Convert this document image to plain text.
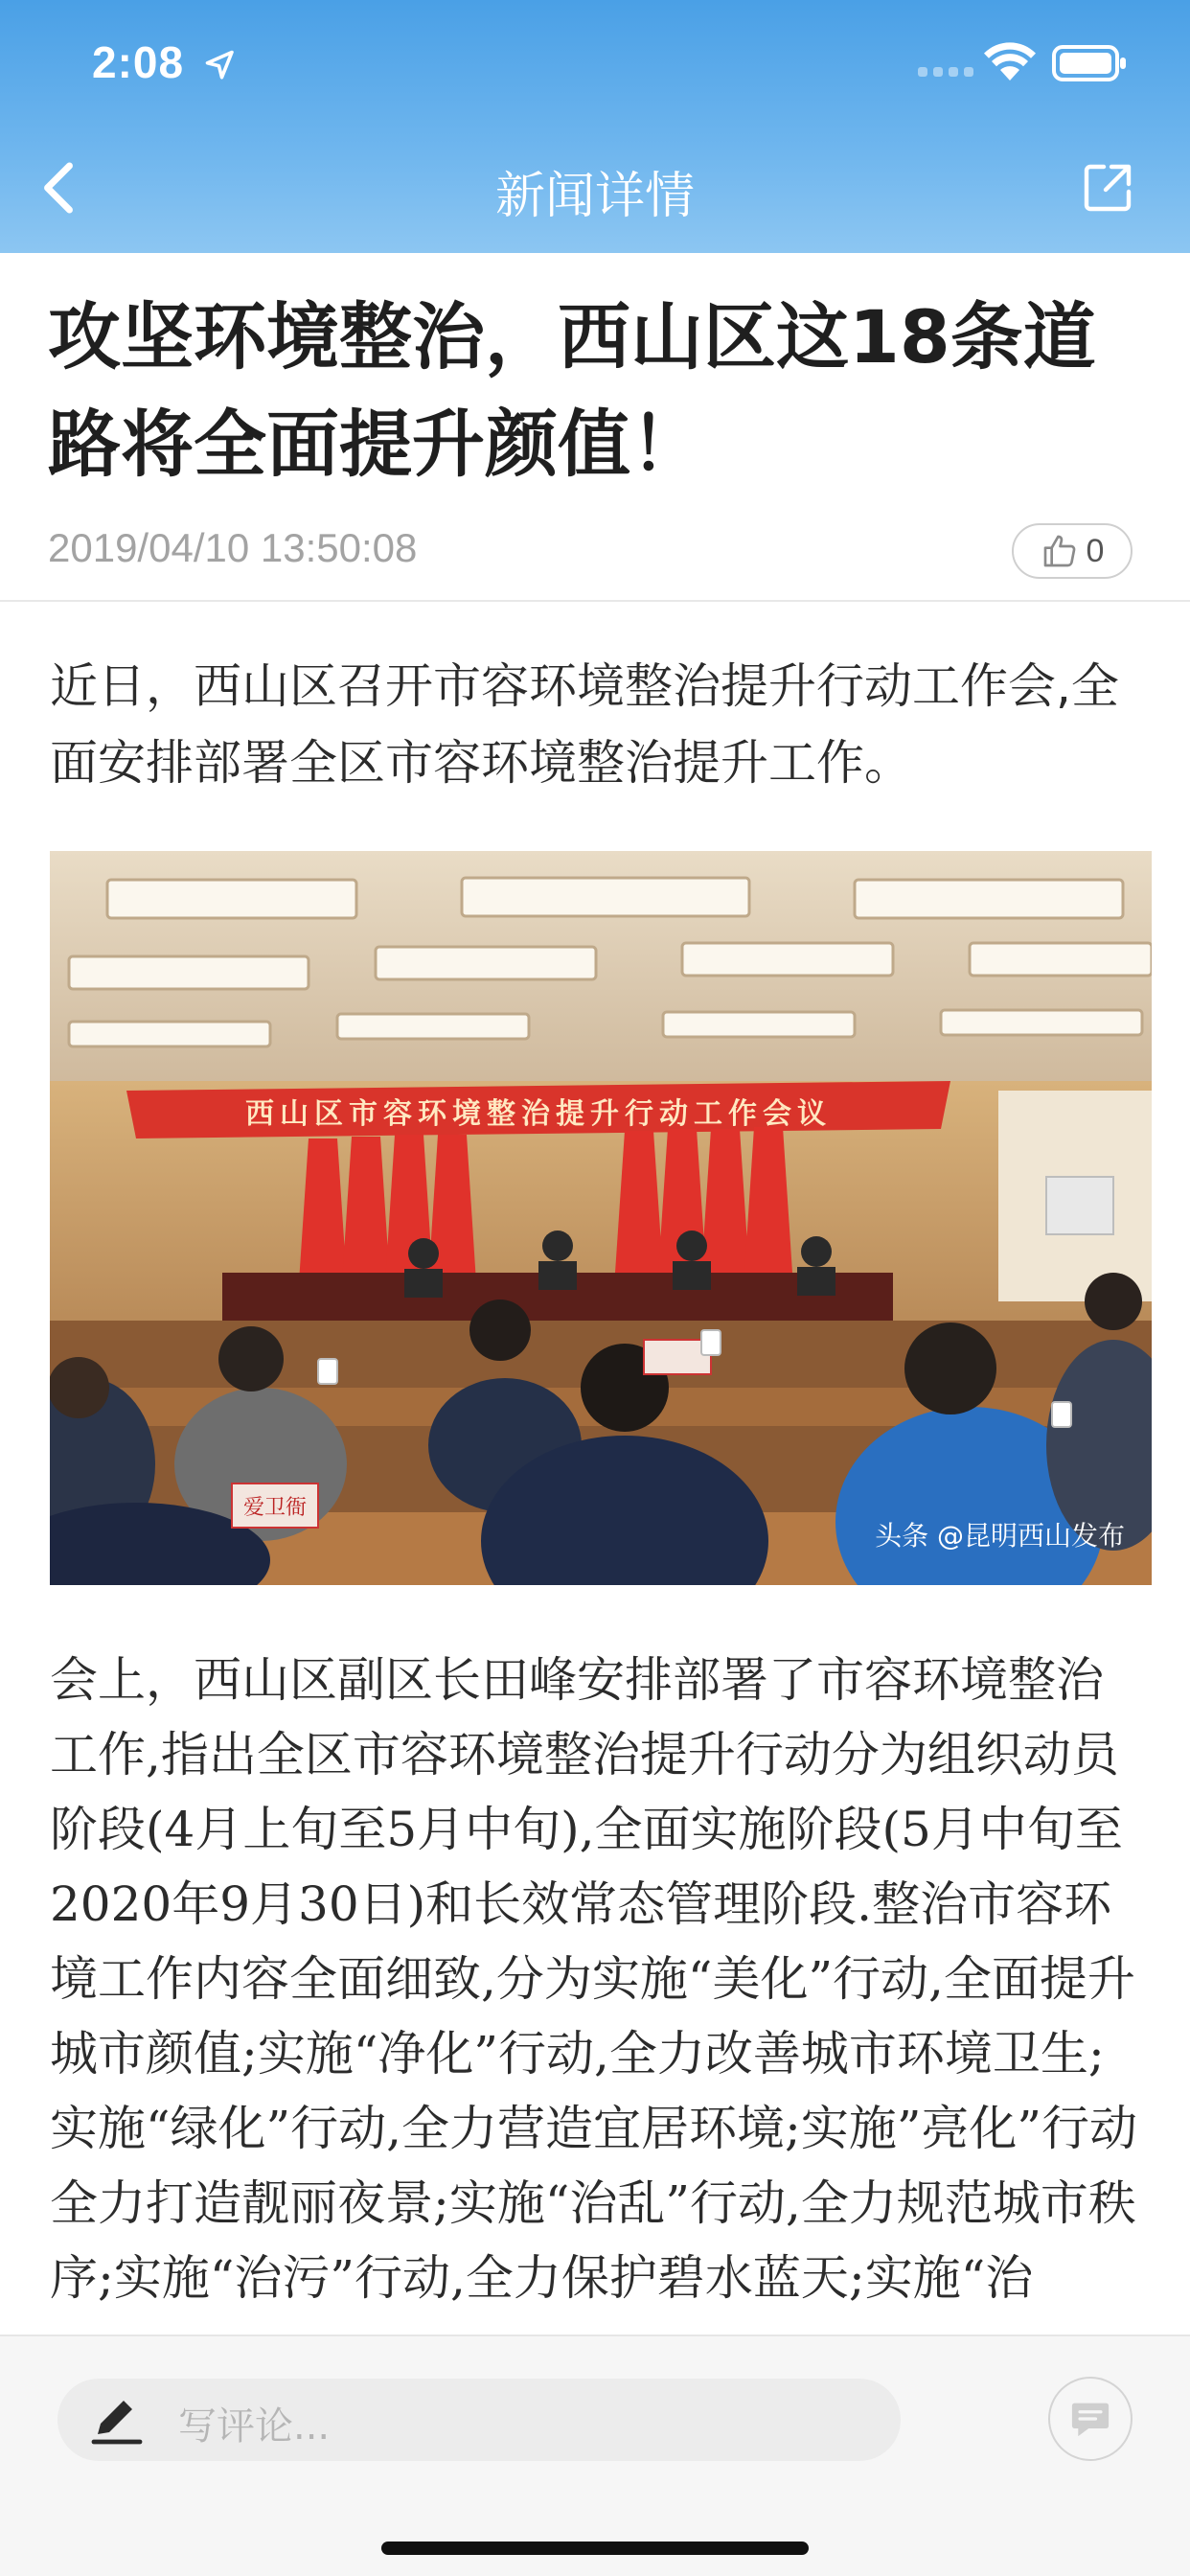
2:08
新闻详情
攻坚环境整治，西山区这18条道路将全面提升颜值！
2019/04/10 13:50:08	0
近日，西山区召开市容环境整治提升行动工作会,全面安排部署全区市容环境整治提升工作。
爱卫衙
西山区市容环境整治提升行动工作会议
头条 @昆明西山发布
会上，西山区副区长田峰安排部署了市容环境整治工作,指出全区市容环境整治提升行动分为组织动员阶段(4月上旬至5月中旬),全面实施阶段(5月中旬至2020年9月30日)和长效常态管理阶段.整治市容环境工作内容全面细致,分为实施“美化”行动,全面提升城市颜值;实施“净化”行动,全力改善城市环境卫生;实施“绿化”行动,全力营造宜居环境;实施”亮化”行动全力打造靓丽夜景;实施“治乱”行动,全力规范城市秩序;实施“治污”行动,全力保护碧水蓝天;实施“治
写评论...
